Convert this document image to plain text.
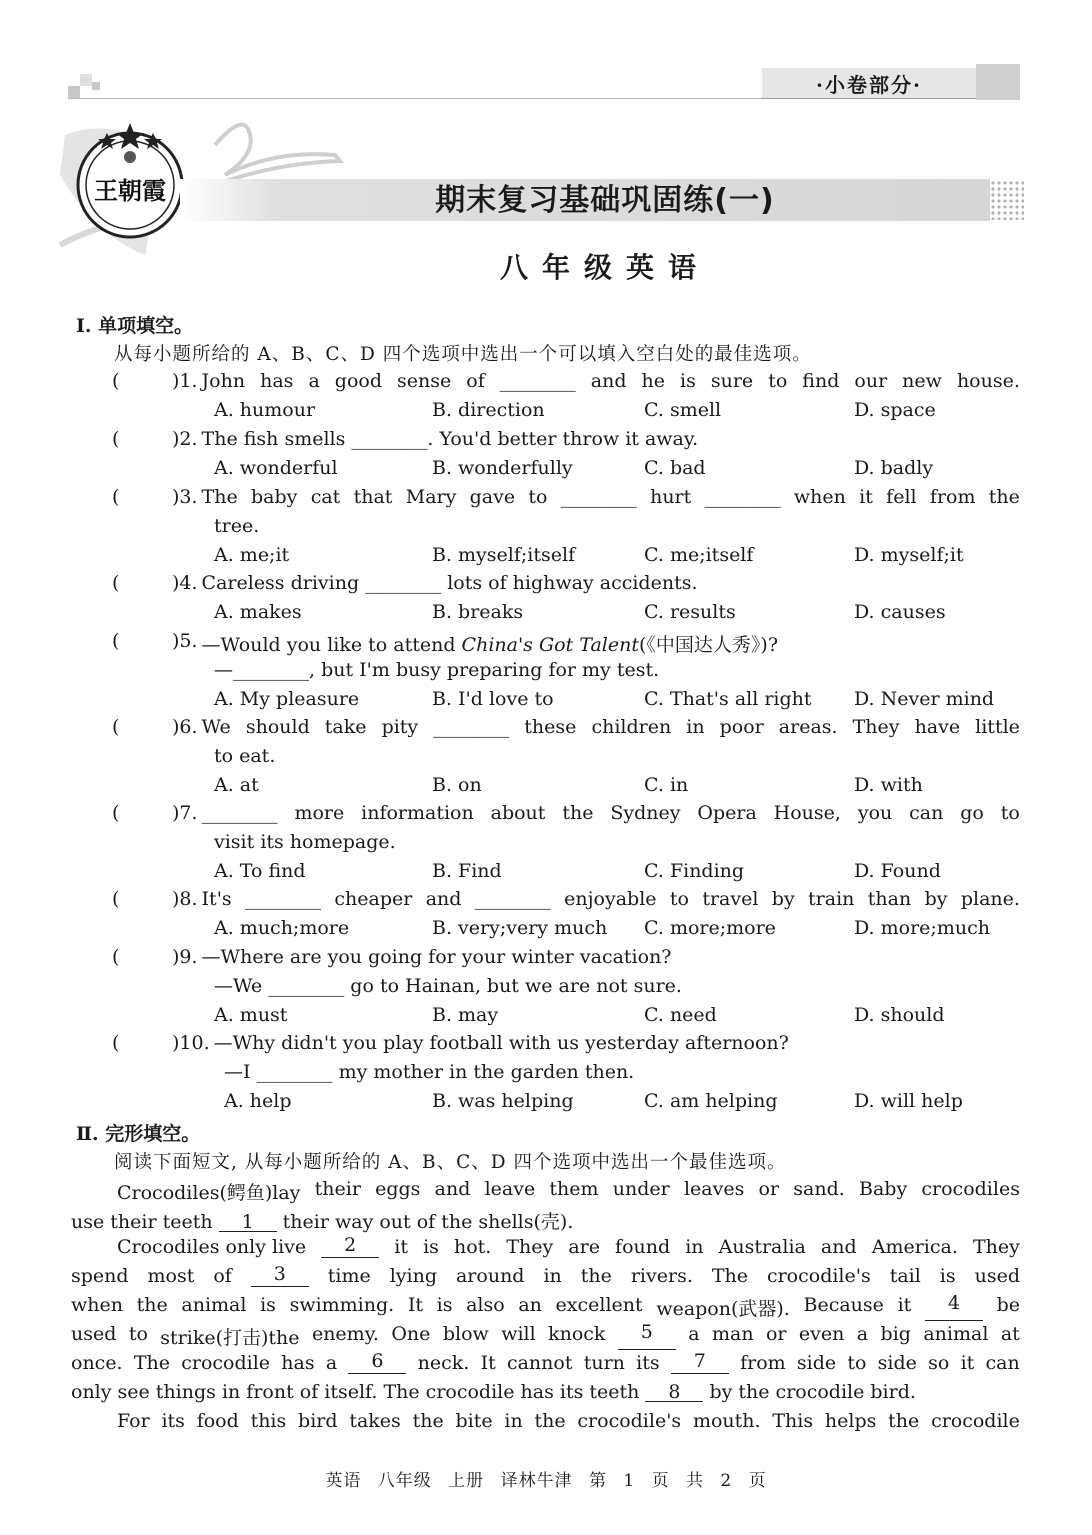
·小卷部分·
王朝霞	期末复习基础巩固练(一)
八年级英语
Ⅰ. 单项填空。
从每小题所给的 A、B、C、D 四个选项中选出一个可以填入空白处的最佳选项。
(	)1. John has a good sense of ________ and he is sure to find our new house.
A. humour	B. direction	C. smell	D. space
(	)2. The fish smells ________. You'd better throw it away.
A. wonderful	B. wonderfully	C. bad	D. badly
(	)3. The baby cat that Mary gave to ________ hurt ________ when it fell from the
tree.
A. me;it	B. myself;itself	C. me;itself	D. myself;it
(	)4. Careless driving ________ lots of highway accidents.
A. makes	B. breaks	C. results	D. causes
(	)5. —Would you like to attend China's Got Talent(《中国达人秀》)?
—________, but I'm busy preparing for my test.
A. My pleasure	B. I'd love to	C. That's all right D. Never mind
(	)6. We should take pity ________ these children in poor areas. They have little
to eat.
A. at	B. on	C. in	D. with
(	)7. ________ more information about the Sydney Opera House, you can go to
visit its homepage.
A. To find	B. Find	C. Finding	D. Found
(	)8. It's ________ cheaper and ________ enjoyable to travel by train than by plane.
A. much;more	B. very;very much C. more;more	D. more;much
(	)9. —Where are you going for your winter vacation?
—We ________ go to Hainan, but we are not sure.
A. must	B. may	C. need	D. should
(	)10. —Why didn't you play football with us yesterday afternoon?
—I ________ my mother in the garden then.
A. help	B. was helping	C. am helping	D. will help
Ⅱ. 完形填空。
阅读下面短文, 从每小题所给的 A、B、C、D 四个选项中选出一个最佳选项。
Crocodiles(鳄鱼)lay their eggs and leave them under leaves or sand. Baby crocodiles
use their teeth 1 their way out of the shells(壳).
Crocodiles only live	2	it is hot. They are found in Australia and America. They
spend most of	3	time lying around in the rivers. The crocodile's tail is used
when the animal is swimming. It is also an excellent weapon(武器). Because it	4	be
used to strike(打击)the enemy. One blow will knock	5	a man or even a big animal at
once. The crocodile has a	6	neck. It cannot turn its	7	from side to side so it can
only see things in front of itself. The crocodile has its teeth 8 by the crocodile bird.
For its food this bird takes the bite in the crocodile's mouth. This helps the crocodile
英语 八年级 上册 译林牛津 第 1 页 共 2 页
